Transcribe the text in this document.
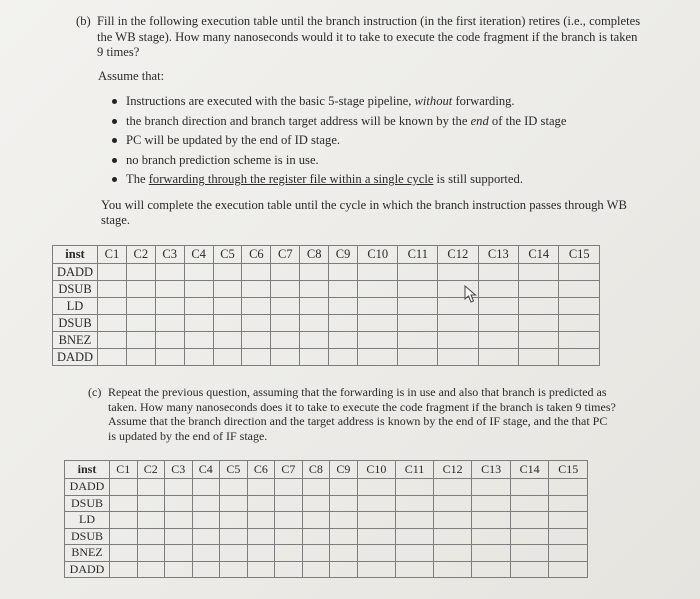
(b) Fill in the following execution table until the branch instruction (in the first iteration) retires (i.e., completes the WB stage). How many nanoseconds would it to take to execute the code fragment if the branch is taken 9 times?
Assume that:
Instructions are executed with the basic 5-stage pipeline, without forwarding.
the branch direction and branch target address will be known by the end of the ID stage
PC will be updated by the end of ID stage.
no branch prediction scheme is in use.
The forwarding through the register file within a single cycle is still supported.
You will complete the execution table until the cycle in which the branch instruction passes through WB stage.
inst	C1	C2	C3	C4	C5	C6	C7	C8	C9	C10	C11	C12	C13	C14	C15
DADD															
DSUB															
LD															
DSUB															
BNEZ															
DADD															
(c) Repeat the previous question, assuming that the forwarding is in use and also that branch is predicted as taken. How many nanoseconds does it to take to execute the code fragment if the branch is taken 9 times? Assume that the branch direction and the target address is known by the end of IF stage, and the that PC is updated by the end of IF stage.
inst	C1	C2	C3	C4	C5	C6	C7	C8	C9	C10	C11	C12	C13	C14	C15
DADD															
DSUB															
LD															
DSUB															
BNEZ															
DADD															
